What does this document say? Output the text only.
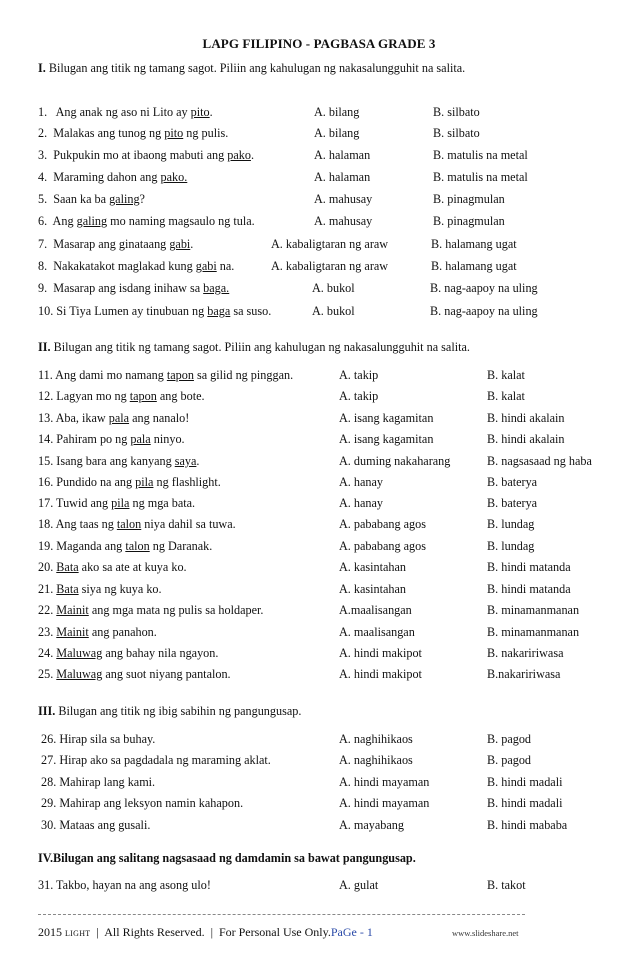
LAPG FILIPINO - PAGBASA GRADE 3
I. Bilugan ang titik ng tamang sagot. Piliin ang kahulugan ng nakasalungguhit na salita.
II. Bilugan ang titik ng tamang sagot. Piliin ang kahulugan ng nakasalungguhit na salita.
III. Bilugan ang titik ng ibig sabihin ng pangungusap.
IV.Bilugan ang salitang nagsasaad ng damdamin sa bawat pangungusap.
1.   Ang anak ng aso ni Lito ay pito.	A. bilang	B. silbato
2.  Malakas ang tunog ng pito ng pulis.	A. bilang	B. silbato
3.  Pukpukin mo at ibaong mabuti ang pako.	A. halaman	B. matulis na metal
4.  Maraming dahon ang pako.	A. halaman	B. matulis na metal
5.  Saan ka ba galing?	A. mahusay	B. pinagmulan
6.  Ang galing mo naming magsaulo ng tula.	A. mahusay	B. pinagmulan
7.  Masarap ang ginataang gabi.	A. kabaligtaran ng araw	B. halamang ugat
8.  Nakakatakot maglakad kung gabi na.	A. kabaligtaran ng araw	B. halamang ugat
9.  Masarap ang isdang inihaw sa baga.	A. bukol	B. nag-aapoy na uling
10. Si Tiya Lumen ay tinubuan ng baga sa suso.	A. bukol	B. nag-aapoy na uling
11. Ang dami mo namang tapon sa gilid ng pinggan.	A. takip	B. kalat
12. Lagyan mo ng tapon ang bote.	A. takip	B. kalat
13. Aba, ikaw pala ang nanalo!	A. isang kagamitan	B. hindi akalain
14. Pahiram po ng pala ninyo.	A. isang kagamitan	B. hindi akalain
15. Isang bara ang kanyang saya.	A. duming nakaharang	B. nagsasaad ng haba
16. Pundido na ang pila ng flashlight.	A. hanay	B. baterya
17. Tuwid ang pila ng mga bata.	A. hanay	B. baterya
18. Ang taas ng talon niya dahil sa tuwa.	A. pababang agos	B. lundag
19. Maganda ang talon ng Daranak.	A. pababang agos	B. lundag
20. Bata ako sa ate at kuya ko.	A. kasintahan	B. hindi matanda
21. Bata siya ng kuya ko.	A. kasintahan	B. hindi matanda
22. Mainit ang mga mata ng pulis sa holdaper.	A.maalisangan	B. minamanmanan
23. Mainit ang panahon.	A. maalisangan	B. minamanmanan
24. Maluwag ang bahay nila ngayon.	A. hindi makipot	B. nakaririwasa
25. Maluwag ang suot niyang pantalon.	A. hindi makipot	B.nakaririwasa
26. Hirap sila sa buhay.	A. naghihikaos	B. pagod
27. Hirap ako sa pagdadala ng maraming aklat.	A. naghihikaos	B. pagod
28. Mahirap lang kami.	A. hindi mayaman	B. hindi madali
29. Mahirap ang leksyon namin kahapon.	A. hindi mayaman	B. hindi madali
30. Mataas ang gusali.	A. mayabang	B. hindi mababa
31. Takbo, hayan na ang asong ulo!	A. gulat	B. takot
2015 LIGHT  |  All Rights Reserved.  |  For Personal Use Only.PaGe - 1	www.slideshare.net
